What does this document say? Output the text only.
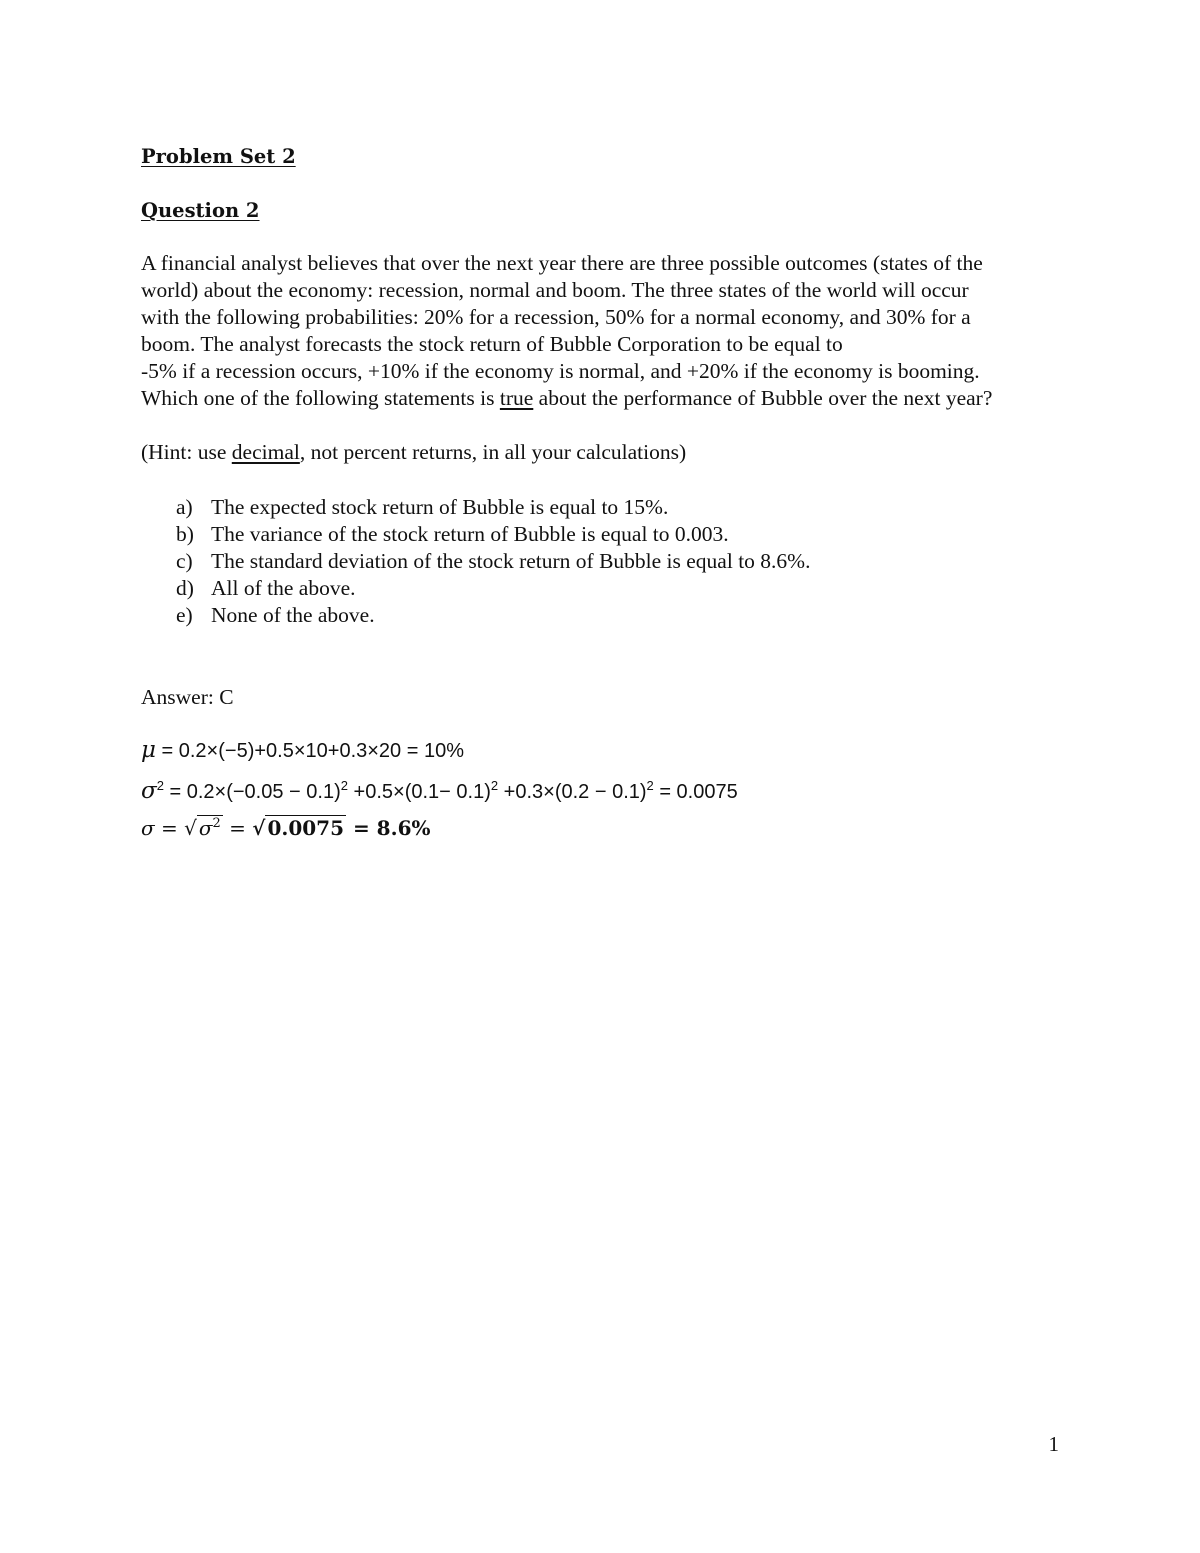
Problem Set 2
Question 2
A financial analyst believes that over the next year there are three possible outcomes (states of the
world) about the economy: recession, normal and boom. The three states of the world will occur
with the following probabilities: 20% for a recession, 50% for a normal economy, and 30% for a
boom. The analyst forecasts the stock return of Bubble Corporation to be equal to
-5% if a recession occurs, +10% if the economy is normal, and +20% if the economy is booming.
Which one of the following statements is true about the performance of Bubble over the next year?
(Hint: use decimal, not percent returns, in all your calculations)
a) The expected stock return of Bubble is equal to 15%.
b) The variance of the stock return of Bubble is equal to 0.003.
c) The standard deviation of the stock return of Bubble is equal to 8.6%.
d) All of the above.
e) None of the above.
Answer: C
μ = 0.2×(−5)+0.5×10+0.3×20 = 10%
$\sigma^2 = 0.2\times(-0.05 - 0.1)^2 +0.5\times(0.1- 0.1)^2 +0.3\times(0.2 - 0.1)^2 = 0.0075$
σ = √ $\sigma^2$ = √ 0.0075 = 8.6%
1
